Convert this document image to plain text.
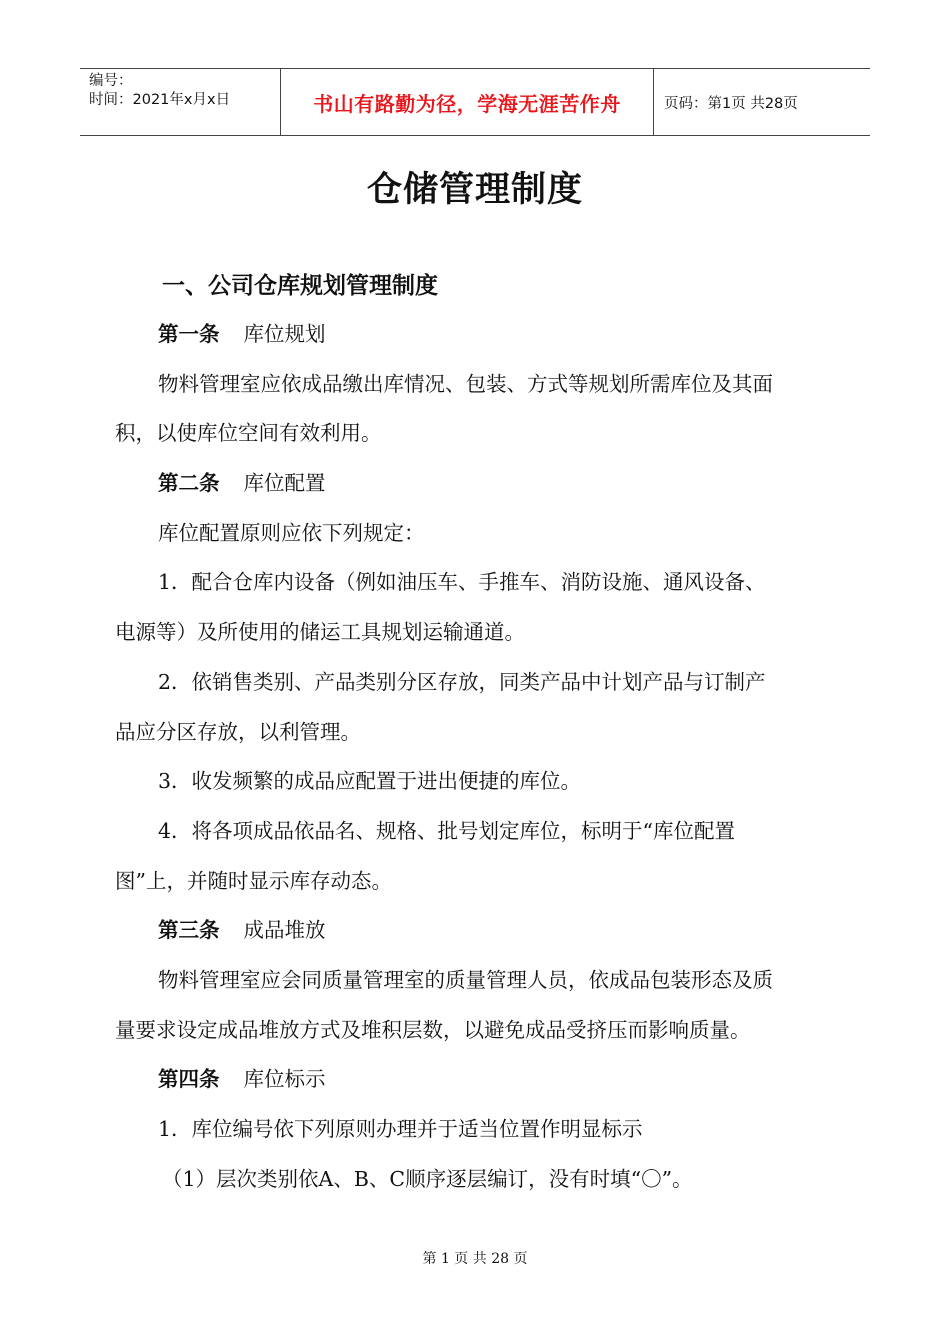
编号：
时间：2021年x月x日	书山有路勤为径，学海无涯苦作舟	页码：第1页 共28页
仓储管理制度
一、公司仓库规划管理制度
第一条 库位规划
物料管理室应依成品缴出库情况、包装、方式等规划所需库位及其面
积，以使库位空间有效利用。
第二条 库位配置
库位配置原则应依下列规定：
1．配合仓库内设备（例如油压车、手推车、消防设施、通风设备、
电源等）及所使用的储运工具规划运输通道。
2．依销售类别、产品类别分区存放，同类产品中计划产品与订制产
品应分区存放，以利管理。
3．收发频繁的成品应配置于进出便捷的库位。
4．将各项成品依品名、规格、批号划定库位，标明于“库位配置
图”上，并随时显示库存动态。
第三条 成品堆放
物料管理室应会同质量管理室的质量管理人员，依成品包装形态及质
量要求设定成品堆放方式及堆积层数，以避免成品受挤压而影响质量。
第四条 库位标示
1．库位编号依下列原则办理并于适当位置作明显标示
（1）层次类别依A、B、C顺序逐层编订，没有时填“〇”。
第 1 页 共 28 页
